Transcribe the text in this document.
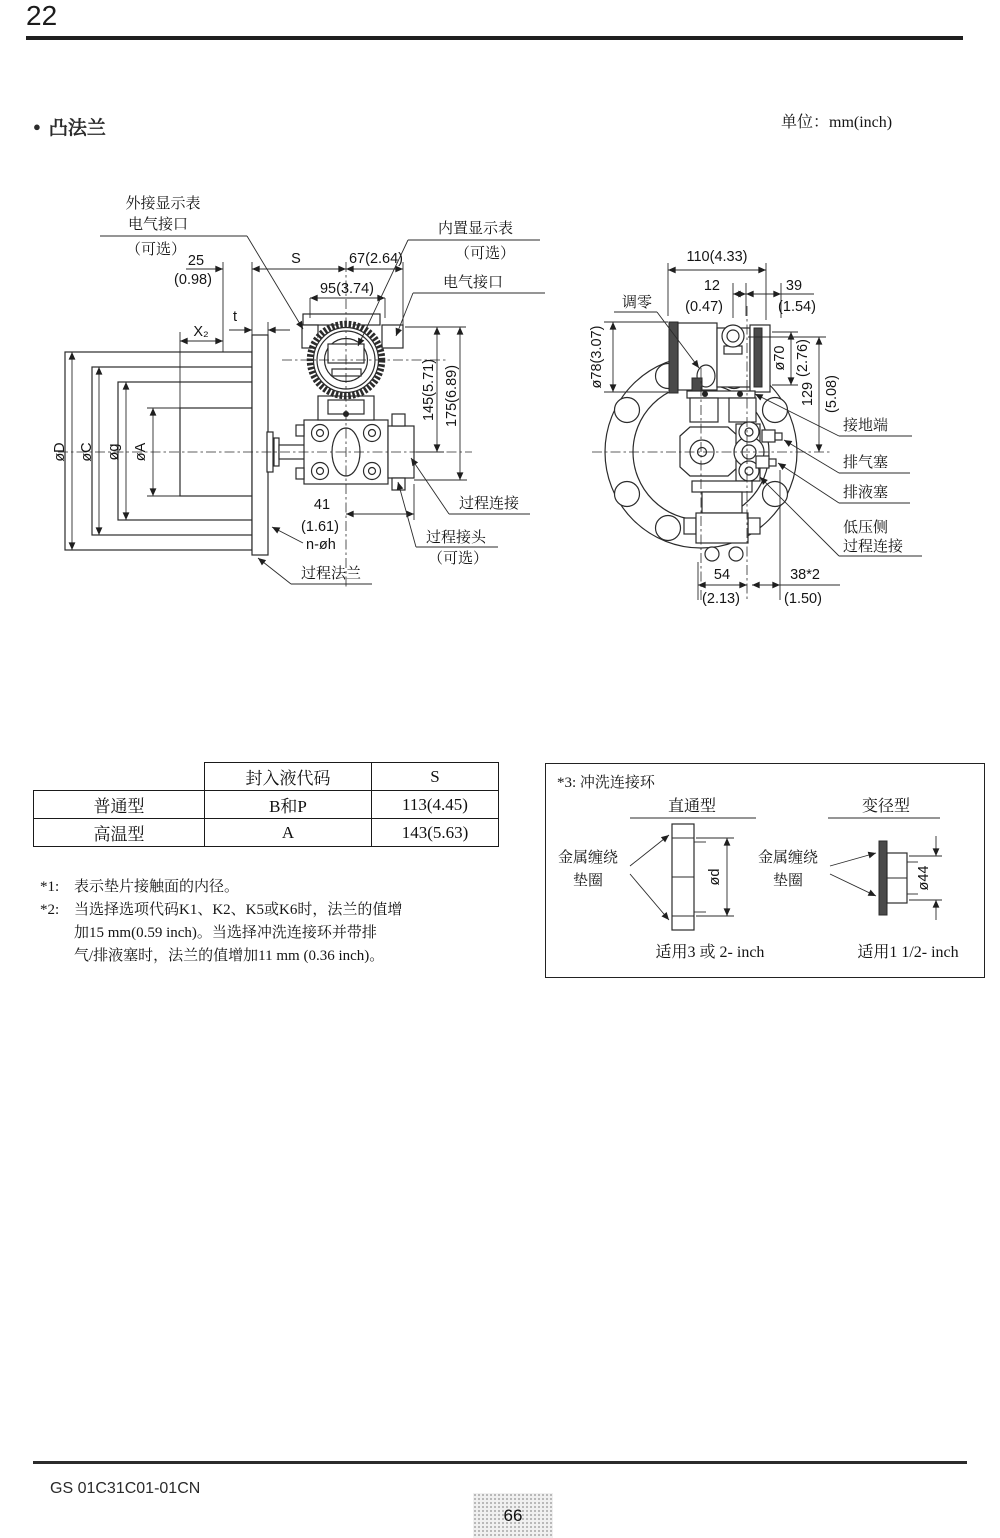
22
单位：mm(inch)
● 凸法兰
25
(0.98)
S	67(2.64)
95(3.74)
t
X₂
øD øC øg øA
145(5.71) 175(6.89)
41
(1.61)
外接显示表
电气接口
（可选）
内置显示表
（可选）
电气接口
n-øh
过程法兰
过程连接
过程接头
（可选）
110(4.33)
12
(0.47)
39
(1.54)
调零
ø78(3.07)	ø70 (2.76)
129 (5.08)
接地端
排气塞
排液塞
低压侧
过程连接
54
(2.13)
38*2
(1.50)
	封入液代码	S
普通型	B和P	113(4.45)
高温型	A	143(5.63)
*1: 表示垫片接触面的内径。
*2: 当选择选项代码K1、K2、K5或K6时，法兰的值增
加15 mm(0.59 inch)。当选择冲洗连接环并带排
气/排液塞时，法兰的值增加11 mm (0.36 inch)。
*3: 冲洗连接环
直通型	变径型
ød
金属缠绕
垫圈
适用3 或 2- inch
ø44
金属缠绕
垫圈
适用1 1/2- inch
GS 01C31C01-01CN
66
